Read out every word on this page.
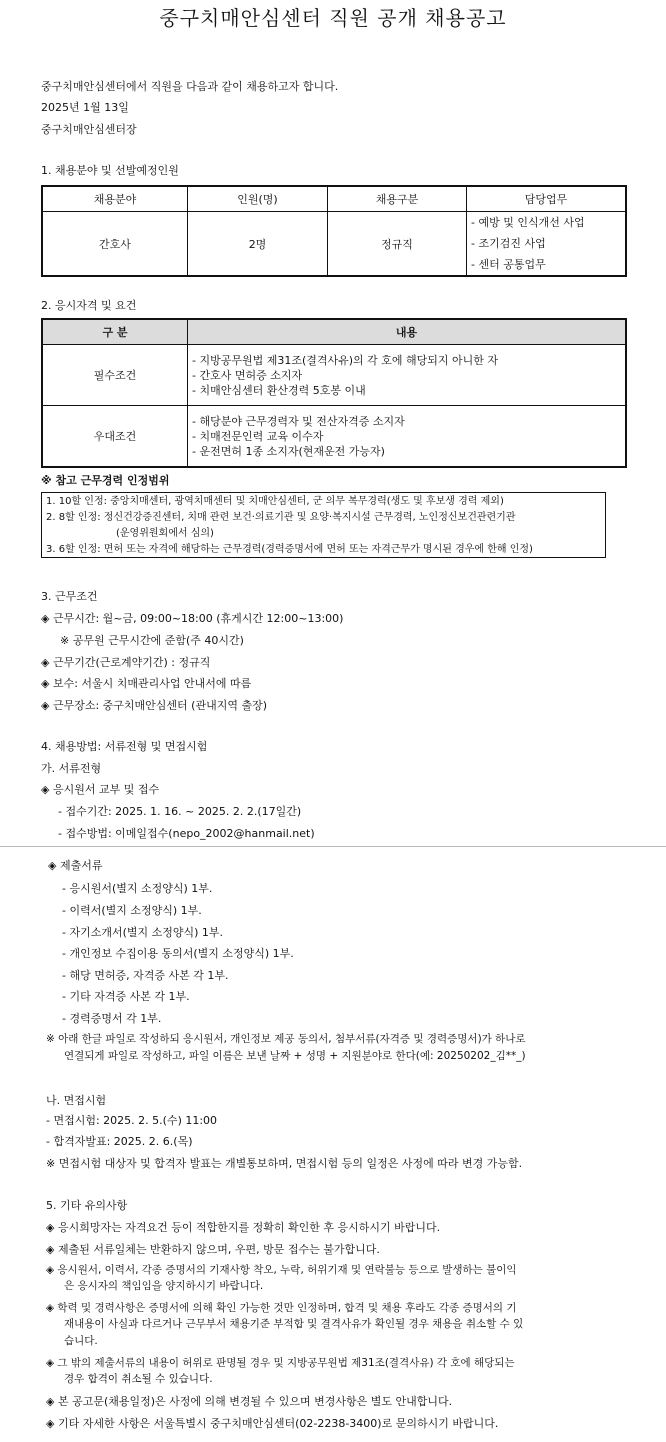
중구치매안심센터 직원 공개 채용공고
중구치매안심센터에서 직원을 다음과 같이 채용하고자 합니다.
2025년 1월 13일
중구치매안심센터장
1. 채용분야 및 선발예정인원
채용분야	인원(명)	채용구분	담당업무
간호사	2명	정규직	- 예방 및 인식개선 사업
- 조기검진 사업
- 센터 공통업무
2. 응시자격 및 요건
구 분	내용
필수조건	- 지방공무원법 제31조(결격사유)의 각 호에 해당되지 아니한 자
- 간호사 면허증 소지자
- 치매안심센터 환산경력 5호봉 이내

우대조건	- 해당분야 근무경력자 및 전산자격증 소지자
- 치매전문인력 교육 이수자
- 운전면허 1종 소지자(현재운전 가능자)
※ 참고 근무경력 인정범위
1. 10할 인정: 중앙치매센터, 광역치매센터 및 치매안심센터, 군 의무 복무경력(생도 및 후보생 경력 제외)
2. 8할 인정: 정신건강증진센터, 치매 관련 보건·의료기관 및 요양·복지시설 근무경력, 노인정신보건관련기관
(운영위원회에서 심의)
3. 6할 인정: 면허 또는 자격에 해당하는 근무경력(경력증명서에 면허 또는 자격근무가 명시된 경우에 한해 인정)
3. 근무조건
◈ 근무시간: 월~금, 09:00~18:00 (휴게시간 12:00~13:00)
※ 공무원 근무시간에 준함(주 40시간)
◈ 근무기간(근로계약기간) : 정규직
◈ 보수: 서울시 치매관리사업 안내서에 따름
◈ 근무장소: 중구치매안심센터 (관내지역 출장)
4. 채용방법: 서류전형 및 면접시험
가. 서류전형
◈ 응시원서 교부 및 접수
- 접수기간: 2025. 1. 16. ~ 2025. 2. 2.(17일간)
- 접수방법: 이메일접수(nepo_2002@hanmail.net)
◈ 제출서류
- 응시원서(별지 소정양식) 1부.
- 이력서(별지 소정양식) 1부.
- 자기소개서(별지 소정양식) 1부.
- 개인정보 수집이용 동의서(별지 소정양식) 1부.
- 해당 면허증, 자격증 사본 각 1부.
- 기타 자격증 사본 각 1부.
- 경력증명서 각 1부.
※ 아래 한글 파일로 작성하되 응시원서, 개인정보 제공 동의서, 첨부서류(자격증 및 경력증명서)가 하나로
연결되게 파일로 작성하고, 파일 이름은 보낸 날짜 + 성명 + 지원분야로 한다(예: 20250202_김**_)
나. 면접시험
- 면접시험: 2025. 2. 5.(수) 11:00
- 합격자발표: 2025. 2. 6.(목)
※ 면접시험 대상자 및 합격자 발표는 개별통보하며, 면접시험 등의 일정은 사정에 따라 변경 가능함.
5. 기타 유의사항
◈ 응시희망자는 자격요건 등이 적합한지를 정확히 확인한 후 응시하시기 바랍니다.
◈ 제출된 서류일체는 반환하지 않으며, 우편, 방문 접수는 불가합니다.
◈ 응시원서, 이력서, 각종 증명서의 기재사항 착오, 누락, 허위기재 및 연락불능 등으로 발생하는 불이익
은 응시자의 책임임을 양지하시기 바랍니다.
◈ 학력 및 경력사항은 증명서에 의해 확인 가능한 것만 인정하며, 합격 및 채용 후라도 각종 증명서의 기
재내용이 사실과 다르거나 근무부서 채용기준 부적합 및 결격사유가 확인될 경우 채용을 취소할 수 있
습니다.
◈ 그 밖의 제출서류의 내용이 허위로 판명될 경우 및 지방공무원법 제31조(결격사유) 각 호에 해당되는
경우 합격이 취소될 수 있습니다.
◈ 본 공고문(채용일정)은 사정에 의해 변경될 수 있으며 변경사항은 별도 안내합니다.
◈ 기타 자세한 사항은 서울특별시 중구치매안심센터(02-2238-3400)로 문의하시기 바랍니다.
